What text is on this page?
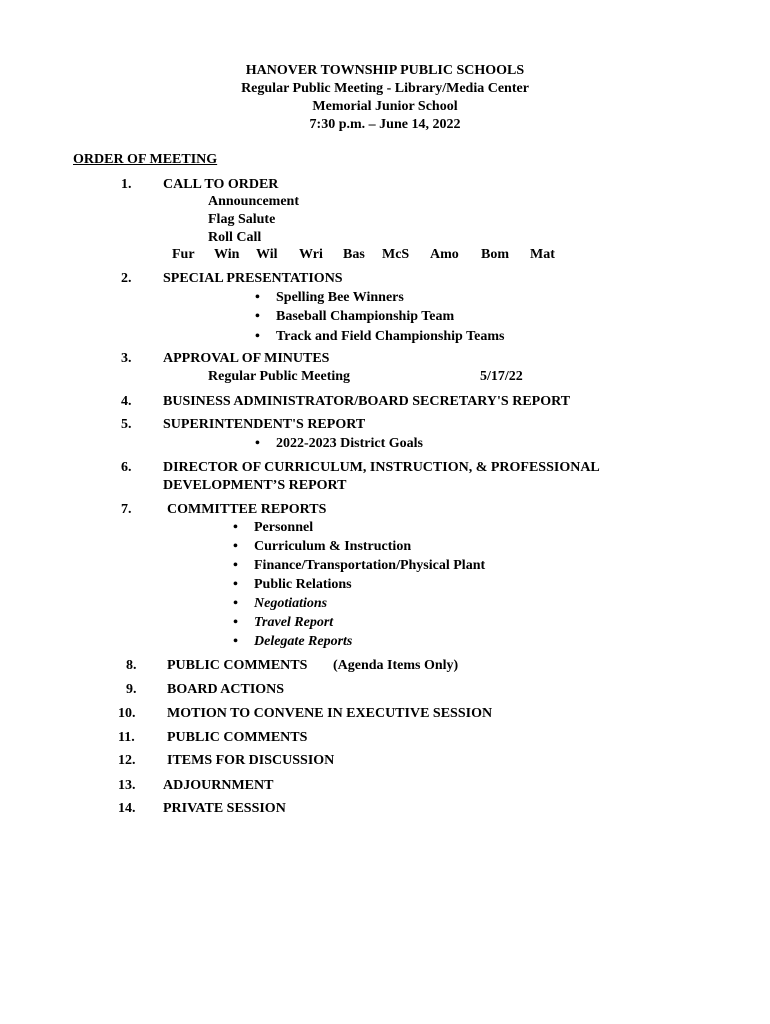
HANOVER TOWNSHIP PUBLIC SCHOOLS
Regular Public Meeting - Library/Media Center
Memorial Junior School
7:30 p.m. – June 14, 2022
ORDER OF MEETING
1. CALL TO ORDER
Announcement
Flag Salute
Roll Call
Fur Win Wil Wri Bas McS Amo Bom Mat
2. SPECIAL PRESENTATIONS
• Spelling Bee Winners
• Baseball Championship Team
• Track and Field Championship Teams
3. APPROVAL OF MINUTES
Regular Public Meeting	5/17/22
4. BUSINESS ADMINISTRATOR/BOARD SECRETARY'S REPORT
5. SUPERINTENDENT'S REPORT
• 2022-2023 District Goals
6. DIRECTOR OF CURRICULUM, INSTRUCTION, & PROFESSIONAL
DEVELOPMENT’S REPORT
7.	COMMITTEE REPORTS
• Personnel
• Curriculum & Instruction
• Finance/Transportation/Physical Plant
• Public Relations
• Negotiations
• Travel Report
• Delegate Reports
8. PUBLIC COMMENTS (Agenda Items Only)
9. BOARD ACTIONS
10. MOTION TO CONVENE IN EXECUTIVE SESSION
11. PUBLIC COMMENTS
12. ITEMS FOR DISCUSSION
13. ADJOURNMENT
14. PRIVATE SESSION
